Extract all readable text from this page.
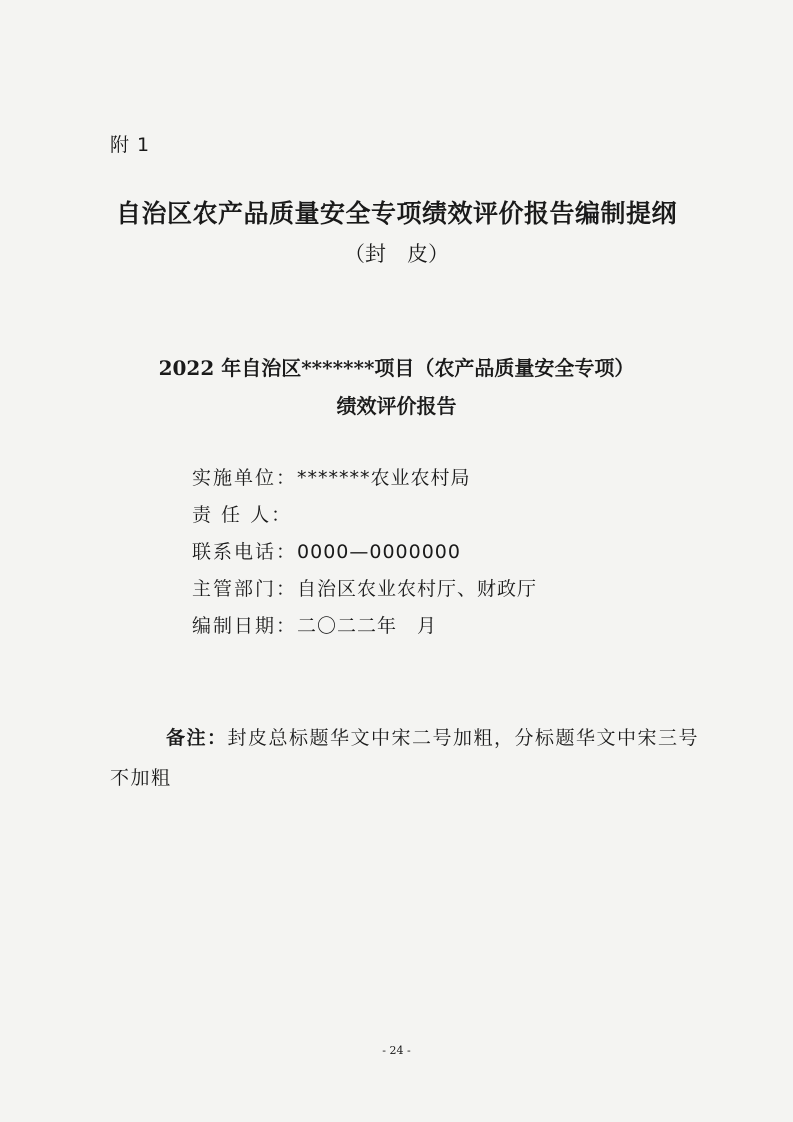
附 1
自治区农产品质量安全专项绩效评价报告编制提纲
（封　皮）
2022 年自治区*******项目（农产品质量安全专项）
绩效评价报告
实施单位：*******农业农村局
责 任 人：
联系电话：0000—0000000
主管部门：自治区农业农村厅、财政厅
编制日期：二〇二二年　月
备注：封皮总标题华文中宋二号加粗，分标题华文中宋三号不加粗
- 24 -
